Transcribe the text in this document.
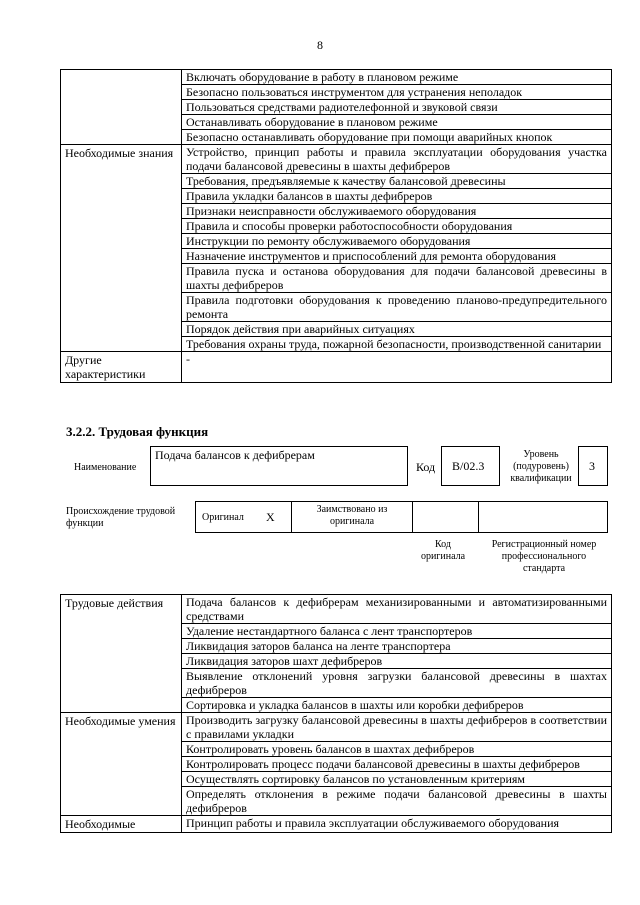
8
	Включать оборудование в работу в плановом режиме
	Безопасно пользоваться инструментом для устранения неполадок
	Пользоваться средствами радиотелефонной и звуковой связи
	Останавливать оборудование в плановом режиме
	Безопасно останавливать оборудование при помощи аварийных кнопок
Необходимые знания	Устройство, принцип работы и правила эксплуатации оборудования участка подачи балансовой древесины в шахты дефибреров
	Требования, предъявляемые к качеству балансовой древесины
	Правила укладки балансов в шахты дефибреров
	Признаки неисправности обслуживаемого оборудования
	Правила и способы проверки работоспособности оборудования
	Инструкции по ремонту обслуживаемого оборудования
	Назначение инструментов и приспособлений для ремонта оборудования
	Правила пуска и останова оборудования для подачи балансовой древесины в шахты дефибреров
	Правила подготовки оборудования к проведению планово-предупредительного ремонта
	Порядок действия при аварийных ситуациях
	Требования охраны труда, пожарной безопасности, производственной санитарии
Другие характеристики	-
3.2.2. Трудовая функция
Наименование
Подача балансов к дефибрерам
Код В/02.3
Уровень (подуровень) квалификации
3
Происхождение трудовой функции
Оригинал Х
Заимствовано из оригинала
Код оригинала
Регистрационный номер профессионального стандарта
Трудовые действия	Подача балансов к дефибрерам механизированными и автоматизированными средствами
	Удаление нестандартного баланса с лент транспортеров
	Ликвидация заторов баланса на ленте транспортера
	Ликвидация заторов шахт дефибреров
	Выявление отклонений уровня загрузки балансовой древесины в шахтах дефибреров
	Сортировка и укладка балансов в шахты или коробки дефибреров
Необходимые умения	Производить загрузку балансовой древесины в шахты дефибреров в соответствии с правилами укладки
	Контролировать уровень балансов в шахтах дефибреров
	Контролировать процесс подачи балансовой древесины в шахты дефибреров
	Осуществлять сортировку балансов по установленным критериям
	Определять отклонения в режиме подачи балансовой древесины в шахты дефибреров
Необходимые	Принцип работы и правила эксплуатации обслуживаемого оборудования
